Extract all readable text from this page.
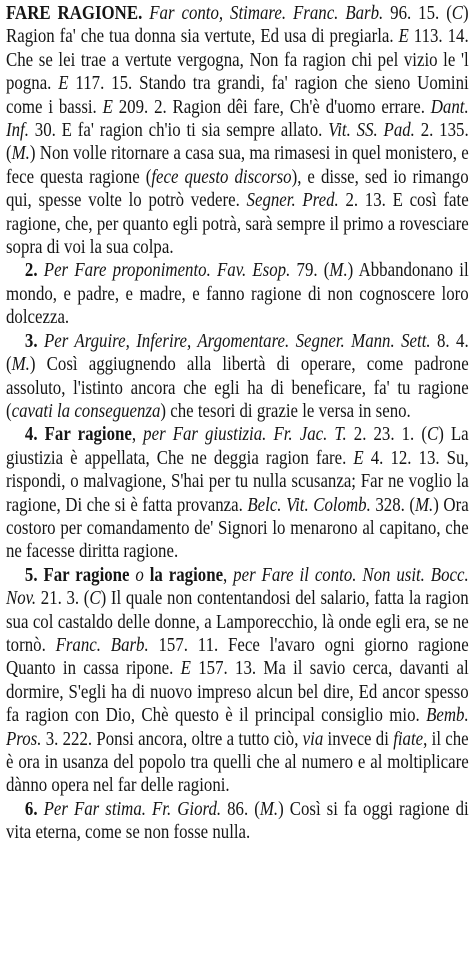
FARE RAGIONE. Far conto, Stimare. Franc. Barb. 96. 15. (C) Ragion fa' che tua donna sia vertute, Ed usa di pregiarla. E 113. 14. Che se lei trae a vertute vergogna, Non fa ragion chi pel vizio le 'l pogna. E 117. 15. Stando tra grandi, fa' ragion che sieno Uomini come i bassi. E 209. 2. Ragion dêi fare, Ch'è d'uomo errare. Dant. Inf. 30. E fa' ragion ch'io ti sia sempre allato. Vit. SS. Pad. 2. 135. (M.) Non volle ritornare a casa sua, ma rimasesi in quel monistero, e fece questa ragione (fece questo discorso), e disse, sed io rimango qui, spesse volte lo potrò vedere. Segner. Pred. 2. 13. E così fate ragione, che, per quanto egli potrà, sarà sempre il primo a rovesciare sopra di voi la sua colpa.

2. Per Fare proponimento. Fav. Esop. 79. (M.) Abbandonano il mondo, e padre, e madre, e fanno ragione di non cognoscere loro dolcezza.

3. Per Arguire, Inferire, Argomentare. Segner. Mann. Sett. 8. 4. (M.) Così aggiugnendo alla libertà di operare, come padrone assoluto, l'istinto ancora che egli ha di beneficare, fa' tu ragione (cavati la conseguenza) che tesori di grazie le versa in seno.

4. Far ragione, per Far giustizia. Fr. Jac. T. 2. 23. 1. (C) La giustizia è appellata, Che ne deggia ragion fare. E 4. 12. 13. Su, rispondi, o malvagione, S'hai per tu nulla scusanza; Far ne voglio la ragione, Di che si è fatta provanza. Belc. Vit. Colomb. 328. (M.) Ora costoro per comandamento de' Signori lo menarono al capitano, che ne facesse diritta ragione.

5. Far ragione o la ragione, per Fare il conto. Non usit. Bocc. Nov. 21. 3. (C) Il quale non contentandosi del salario, fatta la ragion sua col castaldo delle donne, a Lamporecchio, là onde egli era, se ne tornò. Franc. Barb. 157. 11. Fece l'avaro ogni giorno ragione Quanto in cassa ripone. E 157. 13. Ma il savio cerca, davanti al dormire, S'egli ha di nuovo impreso alcun bel dire, Ed ancor spesso fa ragion con Dio, Chè questo è il principal consiglio mio. Bemb. Pros. 3. 222. Ponsi ancora, oltre a tutto ciò, via invece di fiate, il che è ora in usanza del popolo tra quelli che al numero e al moltiplicare dànno opera nel far delle ragioni.

6. Per Far stima. Fr. Giord. 86. (M.) Così si fa oggi ragione di vita eterna, come se non fosse nulla.
